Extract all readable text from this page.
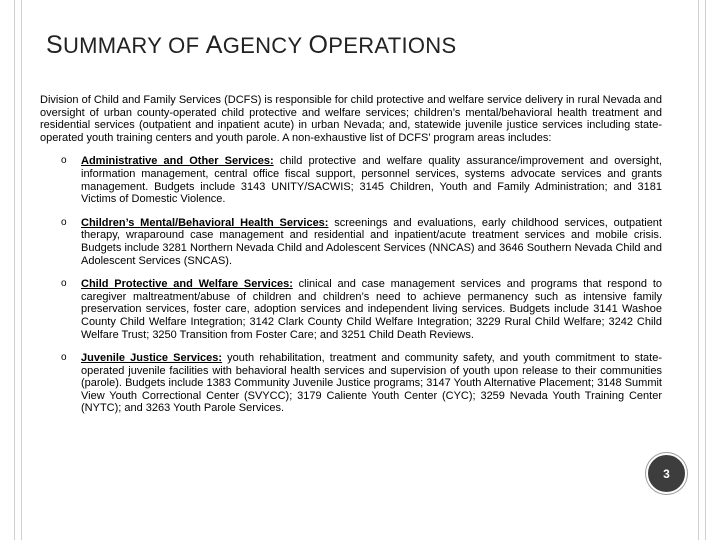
SUMMARY OF AGENCY OPERATIONS

Division of Child and Family Services (DCFS) is responsible for child protective and welfare service delivery in rural Nevada and oversight of urban county-operated child protective and welfare services; children’s mental/behavioral health treatment and residential services (outpatient and inpatient acute) in urban Nevada; and, statewide juvenile justice services including state-operated youth training centers and youth parole. A non-exhaustive list of DCFS’ program areas includes:

o Administrative and Other Services: child protective and welfare quality assurance/improvement and oversight, information management, central office fiscal support, personnel services, systems advocate services and grants management. Budgets include 3143 UNITY/SACWIS; 3145 Children, Youth and Family Administration; and 3181 Victims of Domestic Violence.
o Children’s Mental/Behavioral Health Services: screenings and evaluations, early childhood services, outpatient therapy, wraparound case management and residential and inpatient/acute treatment services and mobile crisis. Budgets include 3281 Northern Nevada Child and Adolescent Services (NNCAS) and 3646 Southern Nevada Child and Adolescent Services (SNCAS).
o Child Protective and Welfare Services: clinical and case management services and programs that respond to caregiver maltreatment/abuse of children and children’s need to achieve permanency such as intensive family preservation services, foster care, adoption services and independent living services. Budgets include 3141 Washoe County Child Welfare Integration; 3142 Clark County Child Welfare Integration; 3229 Rural Child Welfare; 3242 Child Welfare Trust; 3250 Transition from Foster Care; and 3251 Child Death Reviews.
o Juvenile Justice Services: youth rehabilitation, treatment and community safety, and youth commitment to state-operated juvenile facilities with behavioral health services and supervision of youth upon release to their communities (parole). Budgets include 1383 Community Juvenile Justice programs; 3147 Youth Alternative Placement; 3148 Summit View Youth Correctional Center (SVYCC); 3179 Caliente Youth Center (CYC); 3259 Nevada Youth Training Center (NYTC); and 3263 Youth Parole Services.
3
